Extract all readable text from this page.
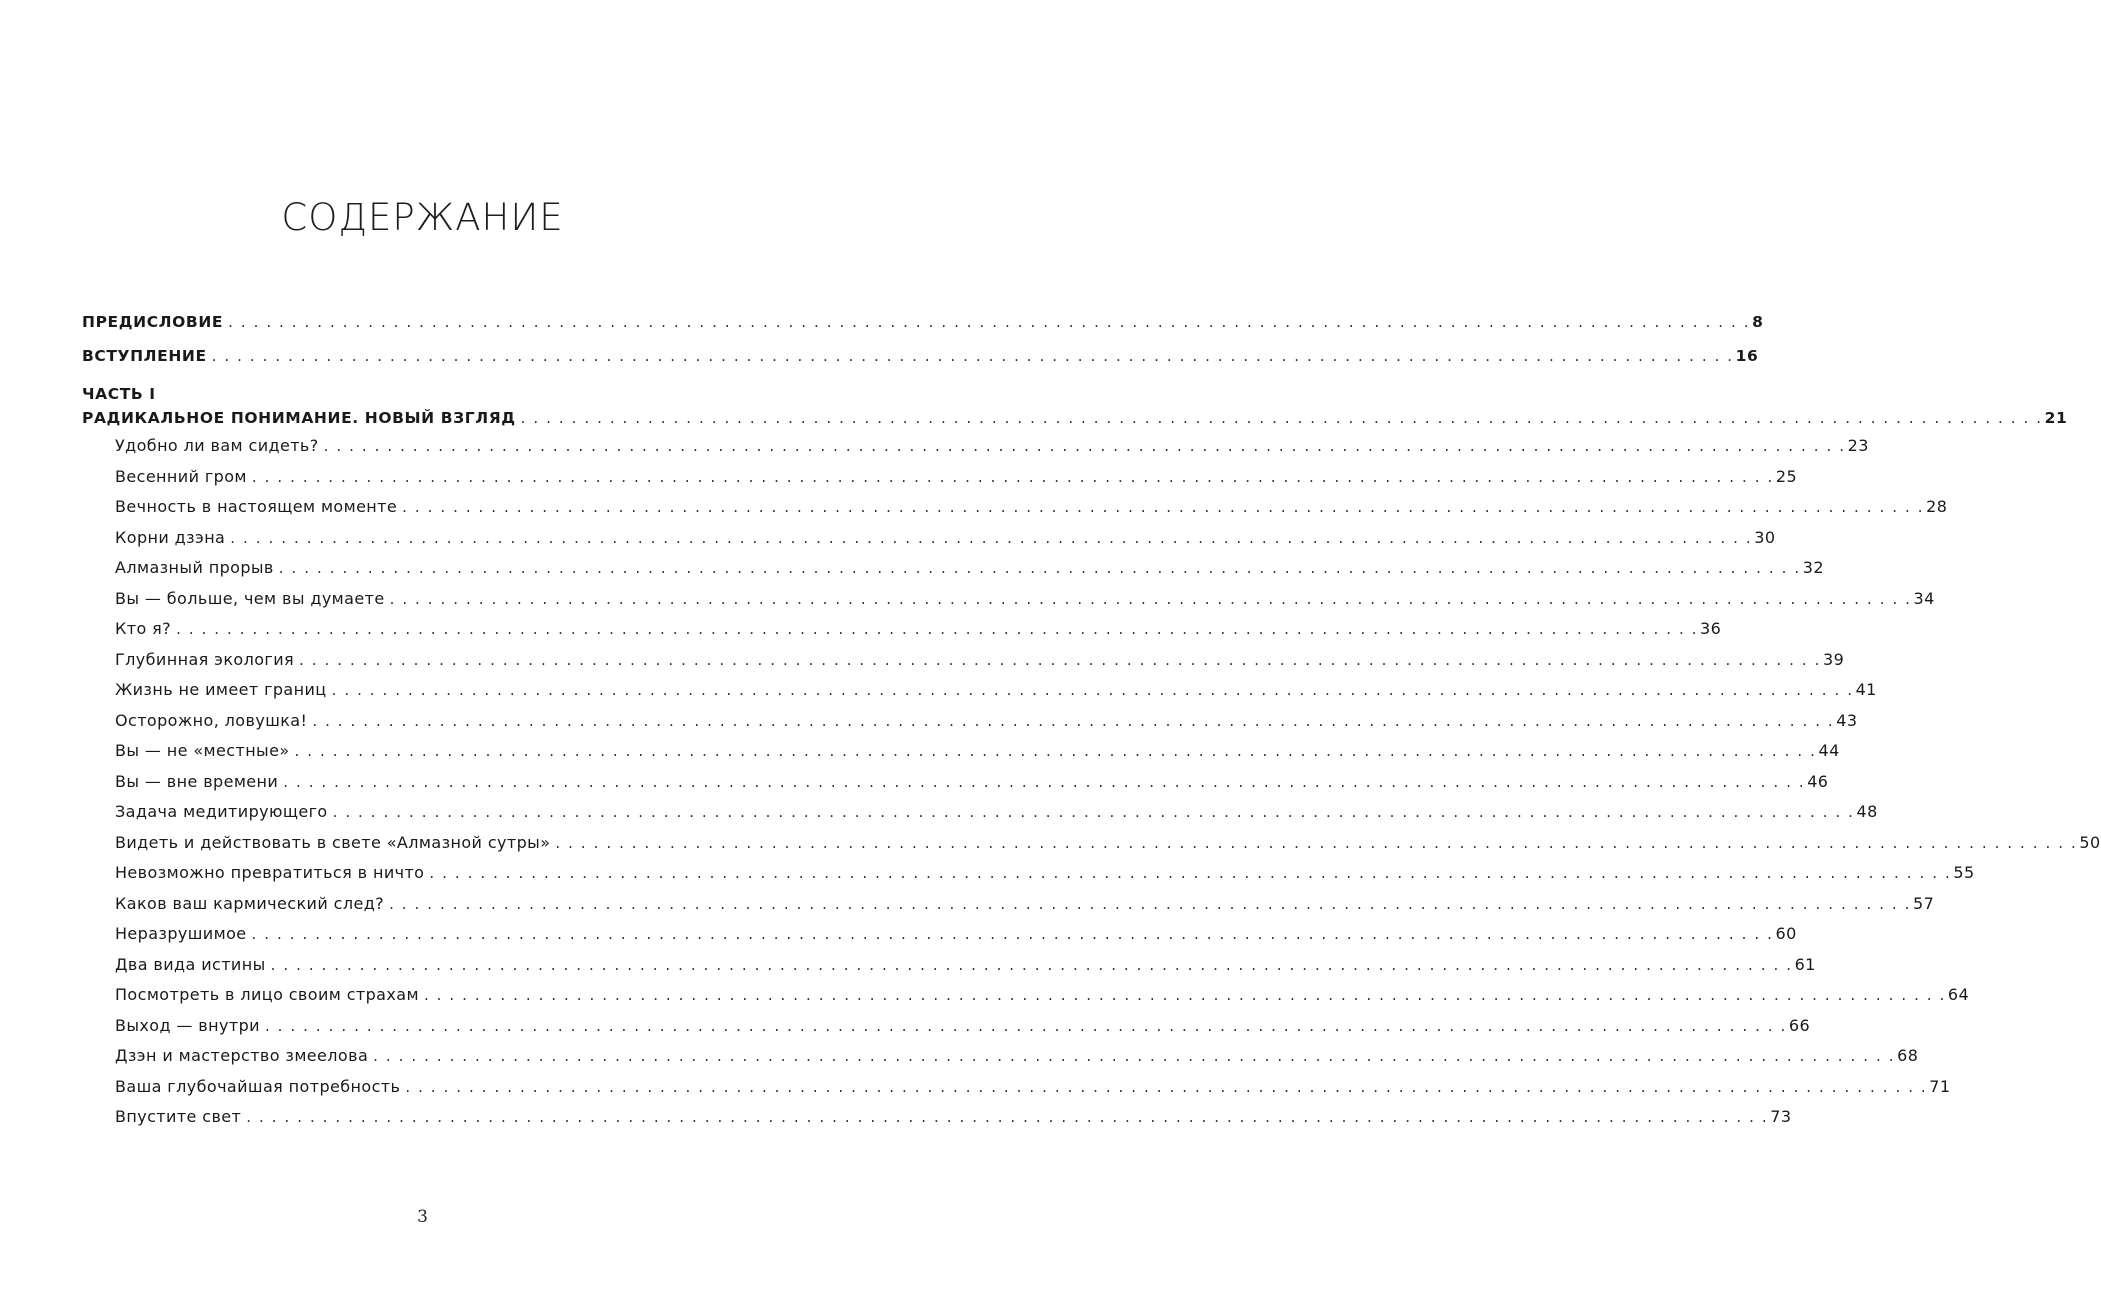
СОДЕРЖАНИЕ
ПРЕДИСЛОВИЕ . . . . . . . . . . . . . . . . . . . . . . . . . . . . . . . . . . . . . . . . . . . . . . . . . . . . . . . . . . . . . . . . . . . . . . . . . . . . . . . . . . . . . . . . . . . . . . . . . . . . . . . . . . . . . . . . . . . . . . . . 8
ВСТУПЛЕНИЕ . . . . . . . . . . . . . . . . . . . . . . . . . . . . . . . . . . . . . . . . . . . . . . . . . . . . . . . . . . . . . . . . . . . . . . . . . . . . . . . . . . . . . . . . . . . . . . . . . . . . . . . . . . . . . . . . . . . . . . . . 16
ЧАСТЬ I
РАДИКАЛЬНОЕ ПОНИМАНИЕ. НОВЫЙ ВЗГЛЯД . . . . . . . . . . . . . . . . . . . . . . . . . . . . . . . . . . . . . . . . . . . . . . . . . . . . . . . . . . . . . . . . . . . . . . . . . . . . . . . . . . . . . . . . . . . . . . . . . . . . . . . . . . . . . . . . . . . . . . . . 21
Удобно ли вам сидеть? . . . . . . . . . . . . . . . . . . . . . . . . . . . . . . . . . . . . . . . . . . . . . . . . . . . . . . . . . . . . . . . . . . . . . . . . . . . . . . . . . . . . . . . . . . . . . . . . . . . . . . . . . . . . . . . . . . . . . . . . 23
Весенний гром . . . . . . . . . . . . . . . . . . . . . . . . . . . . . . . . . . . . . . . . . . . . . . . . . . . . . . . . . . . . . . . . . . . . . . . . . . . . . . . . . . . . . . . . . . . . . . . . . . . . . . . . . . . . . . . . . . . . . . . . 25
Вечность в настоящем моменте . . . . . . . . . . . . . . . . . . . . . . . . . . . . . . . . . . . . . . . . . . . . . . . . . . . . . . . . . . . . . . . . . . . . . . . . . . . . . . . . . . . . . . . . . . . . . . . . . . . . . . . . . . . . . . . . . . . . . . . . 28
Корни дзэна . . . . . . . . . . . . . . . . . . . . . . . . . . . . . . . . . . . . . . . . . . . . . . . . . . . . . . . . . . . . . . . . . . . . . . . . . . . . . . . . . . . . . . . . . . . . . . . . . . . . . . . . . . . . . . . . . . . . . . . . 30
Алмазный прорыв . . . . . . . . . . . . . . . . . . . . . . . . . . . . . . . . . . . . . . . . . . . . . . . . . . . . . . . . . . . . . . . . . . . . . . . . . . . . . . . . . . . . . . . . . . . . . . . . . . . . . . . . . . . . . . . . . . . . . . . . 32
Вы — больше, чем вы думаете . . . . . . . . . . . . . . . . . . . . . . . . . . . . . . . . . . . . . . . . . . . . . . . . . . . . . . . . . . . . . . . . . . . . . . . . . . . . . . . . . . . . . . . . . . . . . . . . . . . . . . . . . . . . . . . . . . . . . . . . 34
Кто я? . . . . . . . . . . . . . . . . . . . . . . . . . . . . . . . . . . . . . . . . . . . . . . . . . . . . . . . . . . . . . . . . . . . . . . . . . . . . . . . . . . . . . . . . . . . . . . . . . . . . . . . . . . . . . . . . . . . . . . . . 36
Глубинная экология . . . . . . . . . . . . . . . . . . . . . . . . . . . . . . . . . . . . . . . . . . . . . . . . . . . . . . . . . . . . . . . . . . . . . . . . . . . . . . . . . . . . . . . . . . . . . . . . . . . . . . . . . . . . . . . . . . . . . . . . 39
Жизнь не имеет границ . . . . . . . . . . . . . . . . . . . . . . . . . . . . . . . . . . . . . . . . . . . . . . . . . . . . . . . . . . . . . . . . . . . . . . . . . . . . . . . . . . . . . . . . . . . . . . . . . . . . . . . . . . . . . . . . . . . . . . . . 41
Осторожно, ловушка! . . . . . . . . . . . . . . . . . . . . . . . . . . . . . . . . . . . . . . . . . . . . . . . . . . . . . . . . . . . . . . . . . . . . . . . . . . . . . . . . . . . . . . . . . . . . . . . . . . . . . . . . . . . . . . . . . . . . . . . . 43
Вы — не «местные» . . . . . . . . . . . . . . . . . . . . . . . . . . . . . . . . . . . . . . . . . . . . . . . . . . . . . . . . . . . . . . . . . . . . . . . . . . . . . . . . . . . . . . . . . . . . . . . . . . . . . . . . . . . . . . . . . . . . . . . . 44
Вы — вне времени . . . . . . . . . . . . . . . . . . . . . . . . . . . . . . . . . . . . . . . . . . . . . . . . . . . . . . . . . . . . . . . . . . . . . . . . . . . . . . . . . . . . . . . . . . . . . . . . . . . . . . . . . . . . . . . . . . . . . . . . 46
Задача медитирующего . . . . . . . . . . . . . . . . . . . . . . . . . . . . . . . . . . . . . . . . . . . . . . . . . . . . . . . . . . . . . . . . . . . . . . . . . . . . . . . . . . . . . . . . . . . . . . . . . . . . . . . . . . . . . . . . . . . . . . . . 48
Видеть и действовать в свете «Алмазной сутры» . . . . . . . . . . . . . . . . . . . . . . . . . . . . . . . . . . . . . . . . . . . . . . . . . . . . . . . . . . . . . . . . . . . . . . . . . . . . . . . . . . . . . . . . . . . . . . . . . . . . . . . . . . . . . . . . . . . . . . . . 50
Невозможно превратиться в ничто . . . . . . . . . . . . . . . . . . . . . . . . . . . . . . . . . . . . . . . . . . . . . . . . . . . . . . . . . . . . . . . . . . . . . . . . . . . . . . . . . . . . . . . . . . . . . . . . . . . . . . . . . . . . . . . . . . . . . . . . 55
Каков ваш кармический след? . . . . . . . . . . . . . . . . . . . . . . . . . . . . . . . . . . . . . . . . . . . . . . . . . . . . . . . . . . . . . . . . . . . . . . . . . . . . . . . . . . . . . . . . . . . . . . . . . . . . . . . . . . . . . . . . . . . . . . . . 57
Неразрушимое . . . . . . . . . . . . . . . . . . . . . . . . . . . . . . . . . . . . . . . . . . . . . . . . . . . . . . . . . . . . . . . . . . . . . . . . . . . . . . . . . . . . . . . . . . . . . . . . . . . . . . . . . . . . . . . . . . . . . . . . 60
Два вида истины . . . . . . . . . . . . . . . . . . . . . . . . . . . . . . . . . . . . . . . . . . . . . . . . . . . . . . . . . . . . . . . . . . . . . . . . . . . . . . . . . . . . . . . . . . . . . . . . . . . . . . . . . . . . . . . . . . . . . . . . 61
Посмотреть в лицо своим страхам . . . . . . . . . . . . . . . . . . . . . . . . . . . . . . . . . . . . . . . . . . . . . . . . . . . . . . . . . . . . . . . . . . . . . . . . . . . . . . . . . . . . . . . . . . . . . . . . . . . . . . . . . . . . . . . . . . . . . . . . 64
Выход — внутри . . . . . . . . . . . . . . . . . . . . . . . . . . . . . . . . . . . . . . . . . . . . . . . . . . . . . . . . . . . . . . . . . . . . . . . . . . . . . . . . . . . . . . . . . . . . . . . . . . . . . . . . . . . . . . . . . . . . . . . . 66
Дзэн и мастерство змеелова . . . . . . . . . . . . . . . . . . . . . . . . . . . . . . . . . . . . . . . . . . . . . . . . . . . . . . . . . . . . . . . . . . . . . . . . . . . . . . . . . . . . . . . . . . . . . . . . . . . . . . . . . . . . . . . . . . . . . . . . 68
Ваша глубочайшая потребность . . . . . . . . . . . . . . . . . . . . . . . . . . . . . . . . . . . . . . . . . . . . . . . . . . . . . . . . . . . . . . . . . . . . . . . . . . . . . . . . . . . . . . . . . . . . . . . . . . . . . . . . . . . . . . . . . . . . . . . . 71
Впустите свет . . . . . . . . . . . . . . . . . . . . . . . . . . . . . . . . . . . . . . . . . . . . . . . . . . . . . . . . . . . . . . . . . . . . . . . . . . . . . . . . . . . . . . . . . . . . . . . . . . . . . . . . . . . . . . . . . . . . . . . . 73
3
